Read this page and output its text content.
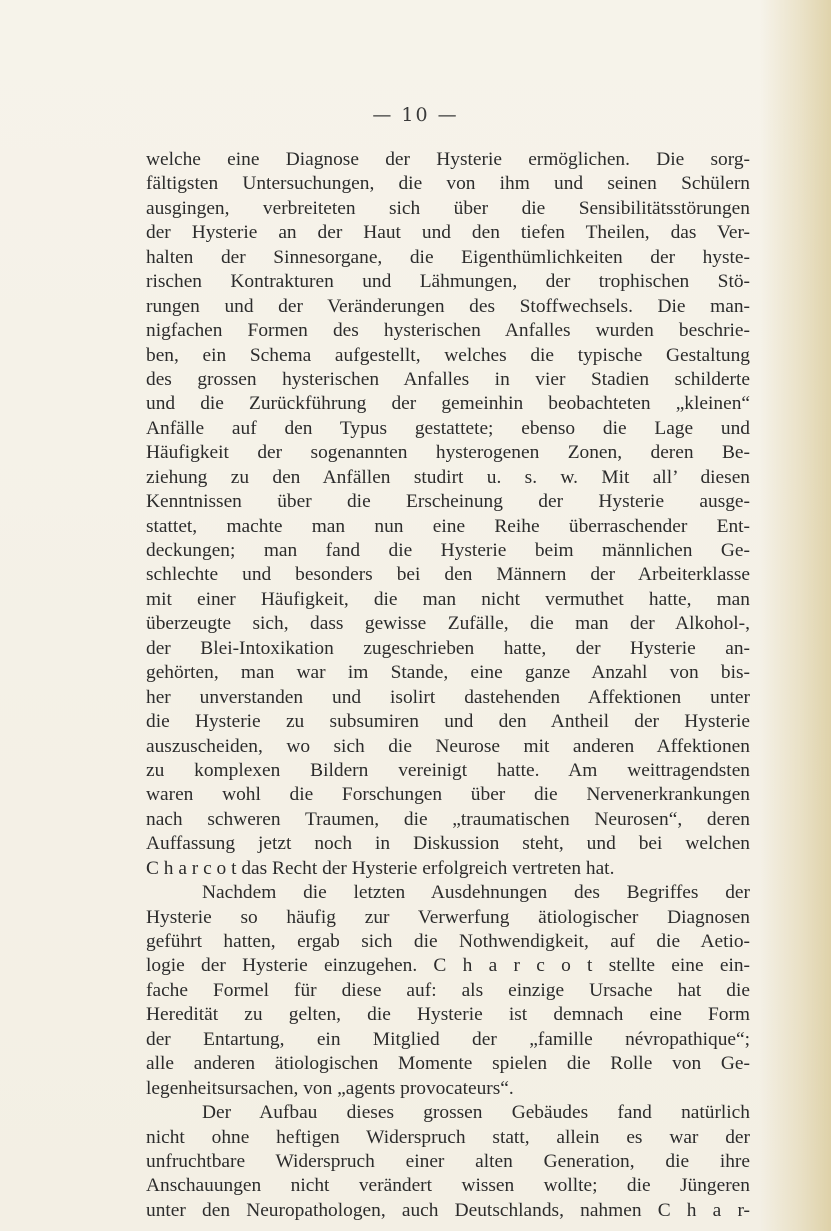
— 10 —
welche eine Diagnose der Hysterie ermöglichen. Die sorg-
fältigsten Untersuchungen, die von ihm und seinen Schülern
ausgingen, verbreiteten sich über die Sensibilitätsstörungen
der Hysterie an der Haut und den tiefen Theilen, das Ver-
halten der Sinnesorgane, die Eigenthümlichkeiten der hyste-
rischen Kontrakturen und Lähmungen, der trophischen Stö-
rungen und der Veränderungen des Stoffwechsels. Die man-
nigfachen Formen des hysterischen Anfalles wurden beschrie-
ben, ein Schema aufgestellt, welches die typische Gestaltung
des grossen hysterischen Anfalles in vier Stadien schilderte
und die Zurückführung der gemeinhin beobachteten „kleinen“
Anfälle auf den Typus gestattete; ebenso die Lage und
Häufigkeit der sogenannten hysterogenen Zonen, deren Be-
ziehung zu den Anfällen studirt u. s. w. Mit all’ diesen
Kenntnissen über die Erscheinung der Hysterie ausge-
stattet, machte man nun eine Reihe überraschender Ent-
deckungen; man fand die Hysterie beim männlichen Ge-
schlechte und besonders bei den Männern der Arbeiterklasse
mit einer Häufigkeit, die man nicht vermuthet hatte, man
überzeugte sich, dass gewisse Zufälle, die man der Alkohol-,
der Blei-Intoxikation zugeschrieben hatte, der Hysterie an-
gehörten, man war im Stande, eine ganze Anzahl von bis-
her unverstanden und isolirt dastehenden Affektionen unter
die Hysterie zu subsumiren und den Antheil der Hysterie
auszuscheiden, wo sich die Neurose mit anderen Affektionen
zu komplexen Bildern vereinigt hatte. Am weittragendsten
waren wohl die Forschungen über die Nervenerkrankungen
nach schweren Traumen, die „traumatischen Neurosen“, deren
Auffassung jetzt noch in Diskussion steht, und bei welchen
C h a r c o t das Recht der Hysterie erfolgreich vertreten hat.
Nachdem die letzten Ausdehnungen des Begriffes der
Hysterie so häufig zur Verwerfung ätiologischer Diagnosen
geführt hatten, ergab sich die Nothwendigkeit, auf die Aetio-
logie der Hysterie einzugehen. C h a r c o t stellte eine ein-
fache Formel für diese auf: als einzige Ursache hat die
Heredität zu gelten, die Hysterie ist demnach eine Form
der Entartung, ein Mitglied der „famille névropathique“;
alle anderen ätiologischen Momente spielen die Rolle von Ge-
legenheitsursachen, von „agents provocateurs“.
Der Aufbau dieses grossen Gebäudes fand natürlich
nicht ohne heftigen Widerspruch statt, allein es war der
unfruchtbare Widerspruch einer alten Generation, die ihre
Anschauungen nicht verändert wissen wollte; die Jüngeren
unter den Neuropathologen, auch Deutschlands, nahmen C h a r-
